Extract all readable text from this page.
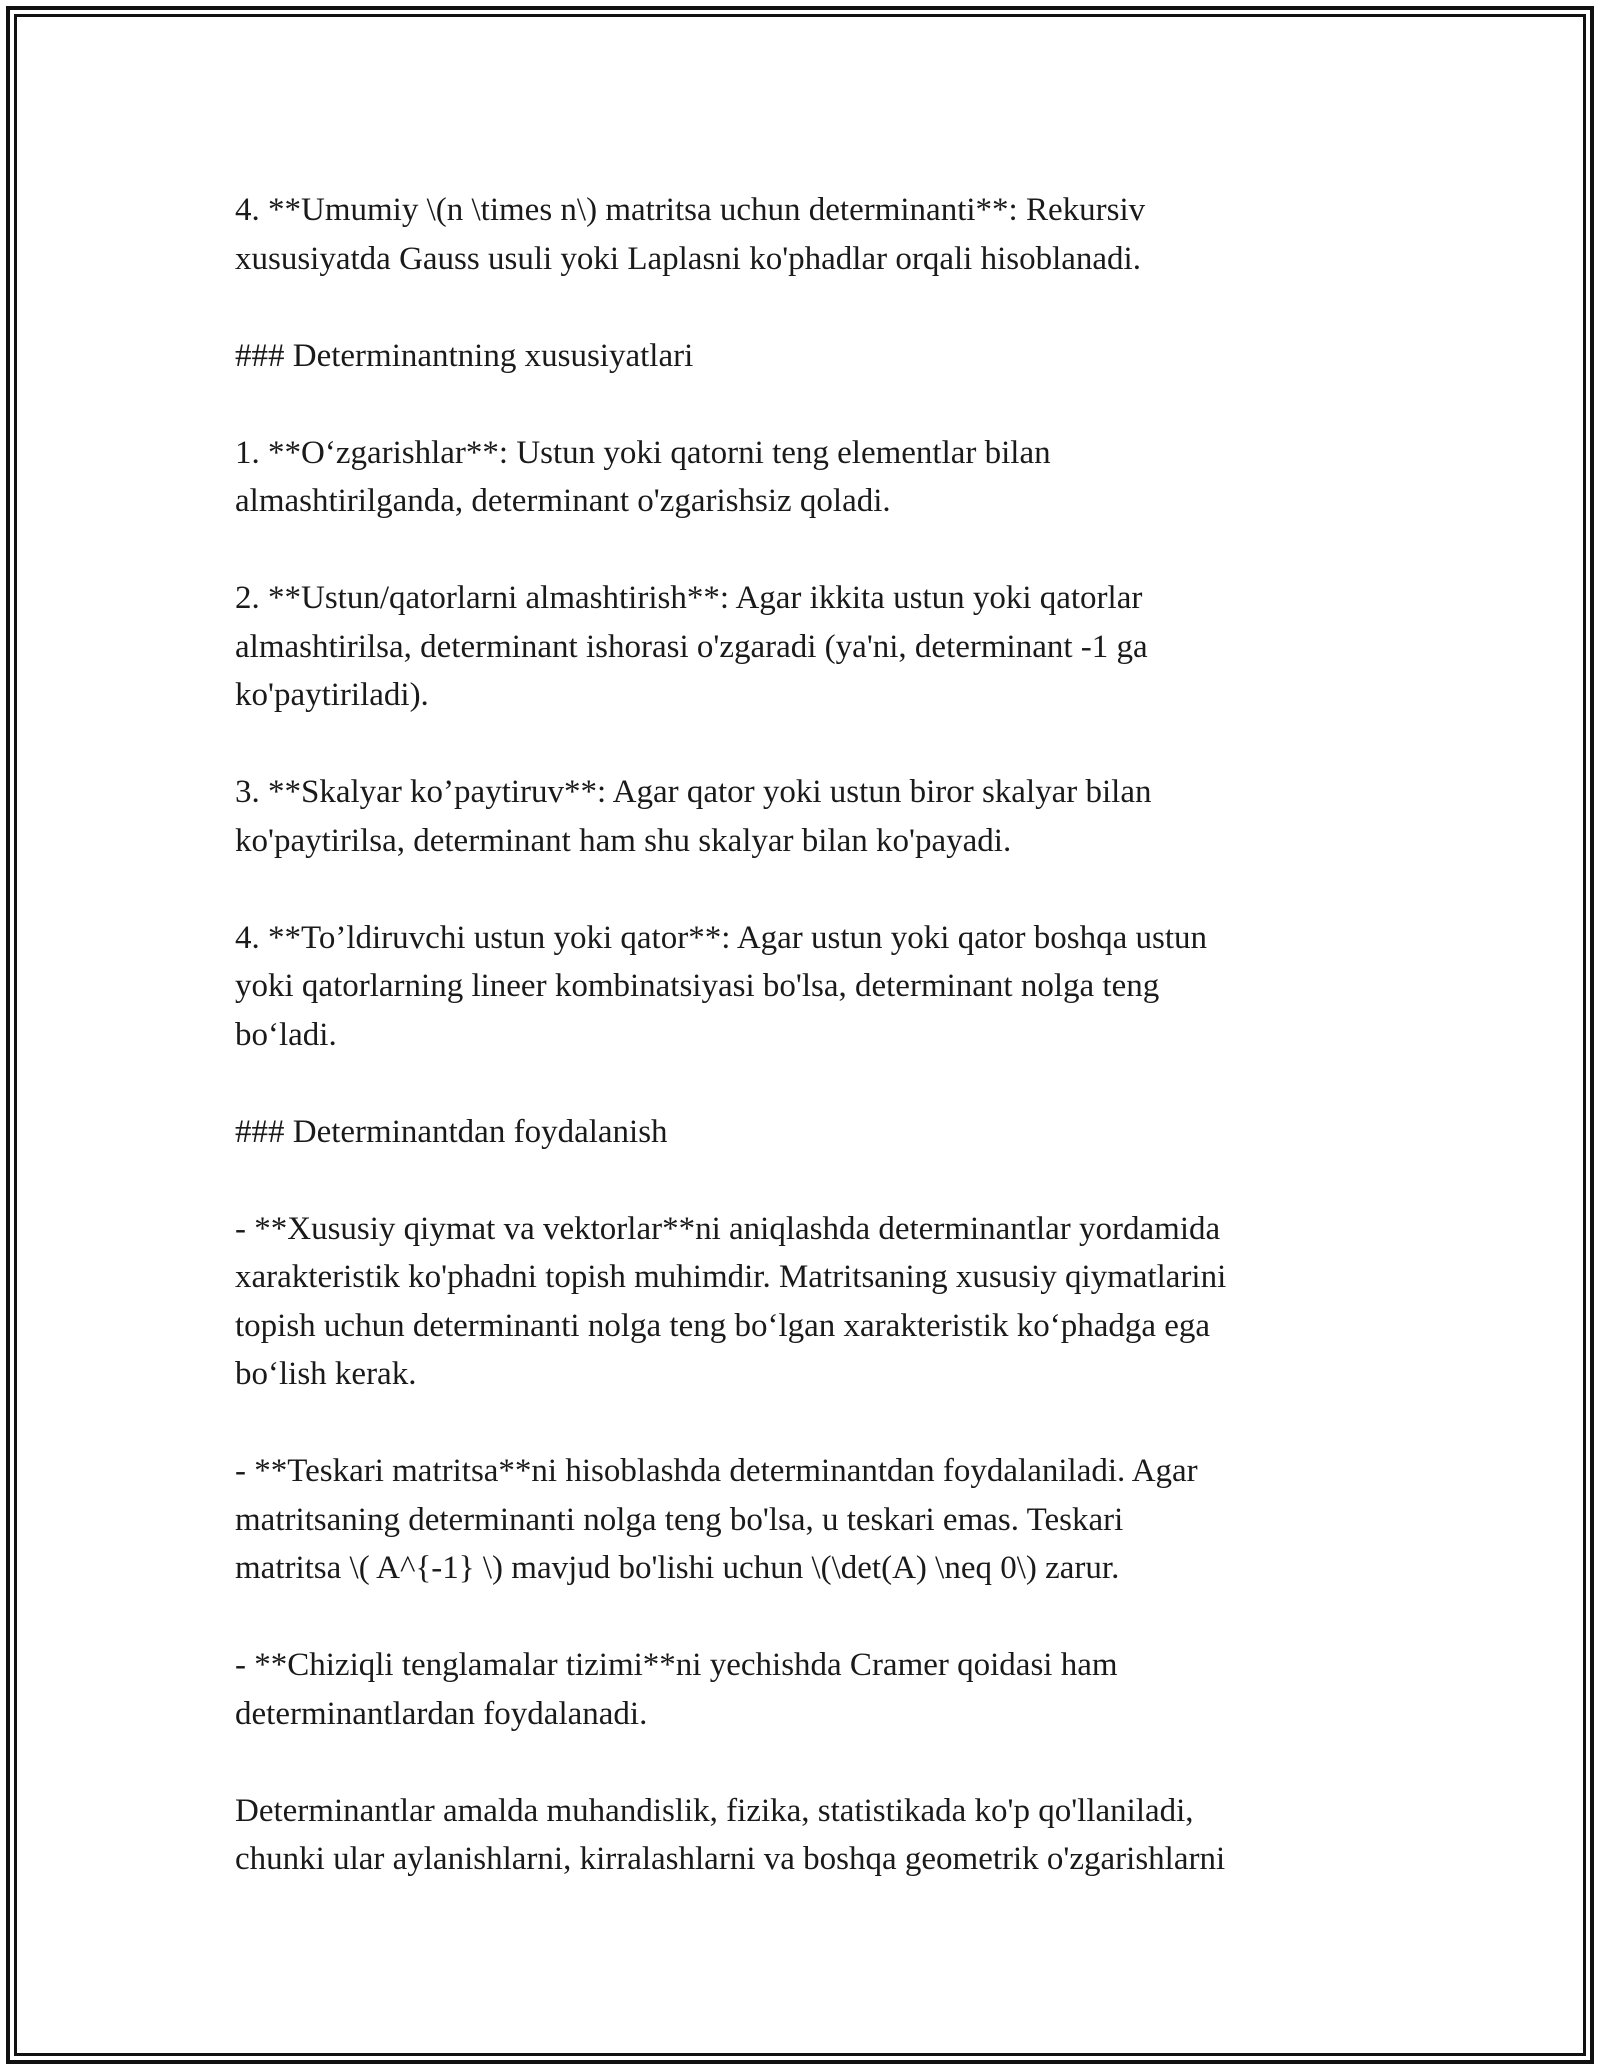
4. **Umumiy \(n \times n\) matritsa uchun determinanti**: Rekursiv
xususiyatda Gauss usuli yoki Laplasni ko'phadlar orqali hisoblanadi.

### Determinantning xususiyatlari

1. **O‘zgarishlar**: Ustun yoki qatorni teng elementlar bilan
almashtirilganda, determinant o'zgarishsiz qoladi.

2. **Ustun/qatorlarni almashtirish**: Agar ikkita ustun yoki qatorlar
almashtirilsa, determinant ishorasi o'zgaradi (ya'ni, determinant -1 ga
ko'paytiriladi).

3. **Skalyar ko’paytiruv**: Agar qator yoki ustun biror skalyar bilan
ko'paytirilsa, determinant ham shu skalyar bilan ko'payadi.

4. **To’ldiruvchi ustun yoki qator**: Agar ustun yoki qator boshqa ustun
yoki qatorlarning lineer kombinatsiyasi bo'lsa, determinant nolga teng
bo‘ladi.

### Determinantdan foydalanish

- **Xususiy qiymat va vektorlar**ni aniqlashda determinantlar yordamida
xarakteristik ko'phadni topish muhimdir. Matritsaning xususiy qiymatlarini
topish uchun determinanti nolga teng bo‘lgan xarakteristik ko‘phadga ega
bo‘lish kerak.

- **Teskari matritsa**ni hisoblashda determinantdan foydalaniladi. Agar
matritsaning determinanti nolga teng bo'lsa, u teskari emas. Teskari
matritsa \( A^{-1} \) mavjud bo'lishi uchun \(\det(A) \neq 0\) zarur.

- **Chiziqli tenglamalar tizimi**ni yechishda Cramer qoidasi ham
determinantlardan foydalanadi.

Determinantlar amalda muhandislik, fizika, statistikada ko'p qo'llaniladi,
chunki ular aylanishlarni, kirralashlarni va boshqa geometrik o'zgarishlarni
